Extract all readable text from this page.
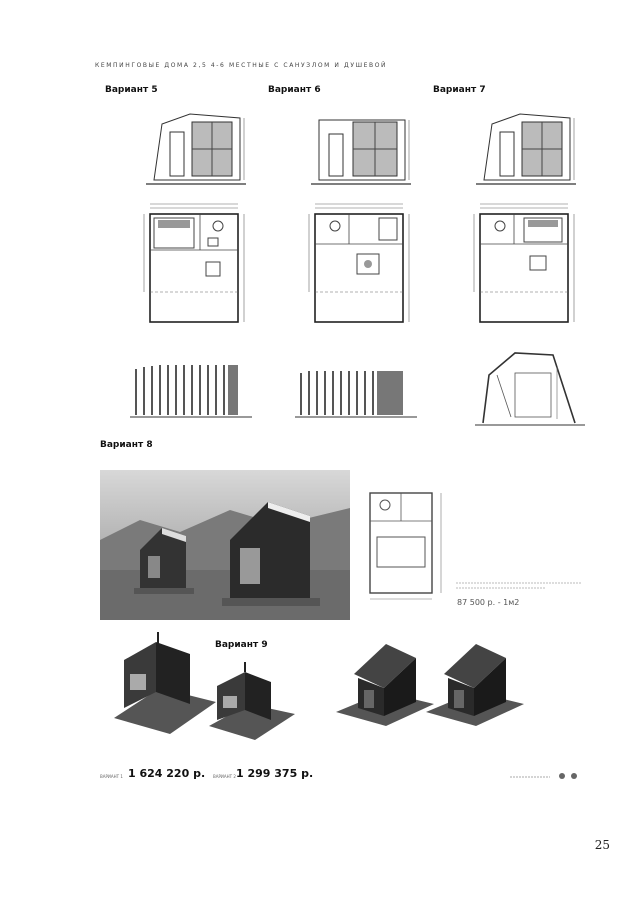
КЕМПИНГОВЫЕ ДОМА 2,5 4-6 МЕСТНЫЕ С САНУЗЛОМ И ДУШЕВОЙ
Вариант 5	Вариант 6	Вариант 7
Вариант 8
87 500 р. - 1м2
Вариант 9
ВАРИАНТ 1 1 624 220 р. ВАРИАНТ 2 1 299 375 р.
25
